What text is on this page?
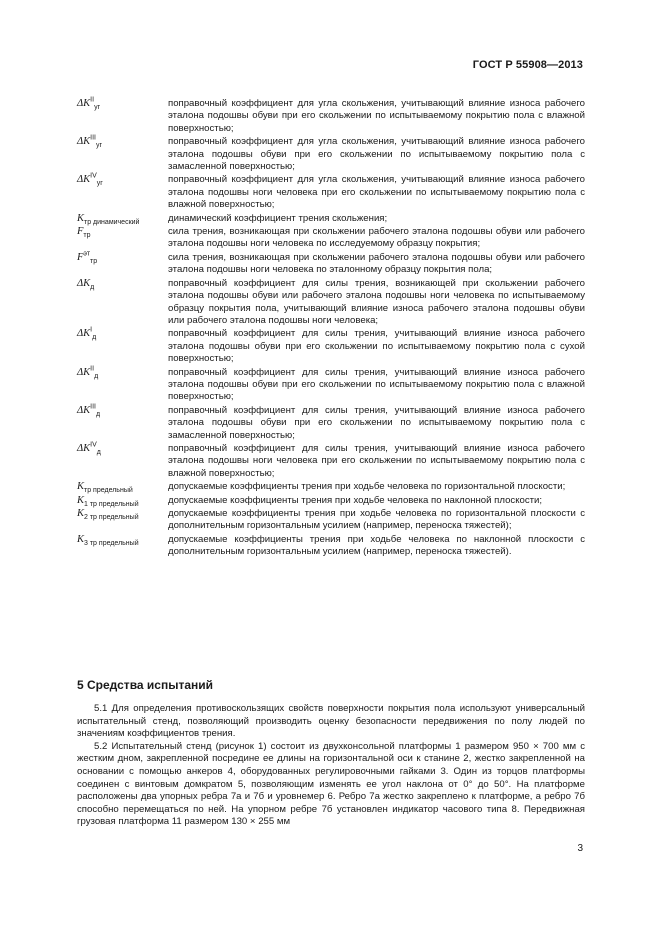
ГОСТ Р 55908—2013
$\Delta K^{II}_{уг}$	поправочный коэффициент для угла скольжения, учитывающий влияние износа рабочего эталона подошвы обуви при его скольжении по испытываемому покрытию пола с влажной поверхностью;
$\Delta K^{III}_{уг}$	поправочный коэффициент для угла скольжения, учитывающий влияние износа рабочего эталона подошвы обуви при его скольжении по испытываемому покрытию пола с замасленной поверхностью;
$\Delta K^{IV}_{уг}$	поправочный коэффициент для угла скольжения, учитывающий влияние износа рабочего эталона подошвы ноги человека при его скольжении по испытываемому покрытию пола с влажной поверхностью;
$K_{тр динамический}$	динамический коэффициент трения скольжения;
$F_{тр}$	сила трения, возникающая при скольжении рабочего эталона подошвы обуви или рабочего эталона подошвы ноги человека по исследуемому образцу покрытия;
$F^{эт}_{тр}$	сила трения, возникающая при скольжении рабочего эталона подошвы обуви или рабочего эталона подошвы ноги человека по эталонному образцу покрытия пола;
$\Delta K_д$	поправочный коэффициент для силы трения, возникающей при скольжении рабочего эталона подошвы обуви или рабочего эталона подошвы ноги человека по испытываемому образцу покрытия пола, учитывающий влияние износа рабочего эталона подошвы обуви или рабочего эталона подошвы ноги человека;
$\Delta K^I_д$	поправочный коэффициент для силы трения, учитывающий влияние износа рабочего эталона подошвы обуви при его скольжении по испытываемому покрытию пола с сухой поверхностью;
$\Delta K^{II}_д$	поправочный коэффициент для силы трения, учитывающий влияние износа рабочего эталона подошвы обуви при его скольжении по испытываемому покрытию пола с влажной поверхностью;
$\Delta K^{III}_д$	поправочный коэффициент для силы трения, учитывающий влияние износа рабочего эталона подошвы обуви при его скольжении по испытываемому покрытию пола с замасленной поверхностью;
$\Delta K^{IV}_д$	поправочный коэффициент для силы трения, учитывающий влияние износа рабочего эталона подошвы ноги человека при его скольжении по испытываемому покрытию пола с влажной поверхностью;
$K_{тр предельный}$	допускаемые коэффициенты трения при ходьбе человека по горизонтальной плоскости;
$K_{1 тр предельный}$	допускаемые коэффициенты трения при ходьбе человека по наклонной плоскости;
$K_{2 тр предельный}$	допускаемые коэффициенты трения при ходьбе человека по горизонтальной плоскости с дополнительным горизонтальным усилием (например, переноска тяжестей);
$K_{3 тр предельный}$	допускаемые коэффициенты трения при ходьбе человека по наклонной плоскости с дополнительным горизонтальным усилием (например, переноска тяжестей).
5 Средства испытаний

5.1 Для определения противоскользящих свойств поверхности покрытия пола используют универсальный испытательный стенд, позволяющий производить оценку безопасности передвижения по полу людей по значениям коэффициентов трения.

5.2 Испытательный стенд (рисунок 1) состоит из двухконсольной платформы 1 размером 950 × 700 мм с жестким дном, закрепленной посредине ее длины на горизонтальной оси к станине 2, жестко закрепленной на основании с помощью анкеров 4, оборудованных регулировочными гайками 3. Один из торцов платформы соединен с винтовым домкратом 5, позволяющим изменять ее угол наклона от 0° до 50°. На платформе расположены два упорных ребра 7а и 7б и уровнемер 6. Ребро 7а жестко закреплено к платформе, а ребро 7б способно перемещаться по ней. На упорном ребре 7б установлен индикатор часового типа 8. Передвижная грузовая платформа 11 размером 130 × 255 мм

3
